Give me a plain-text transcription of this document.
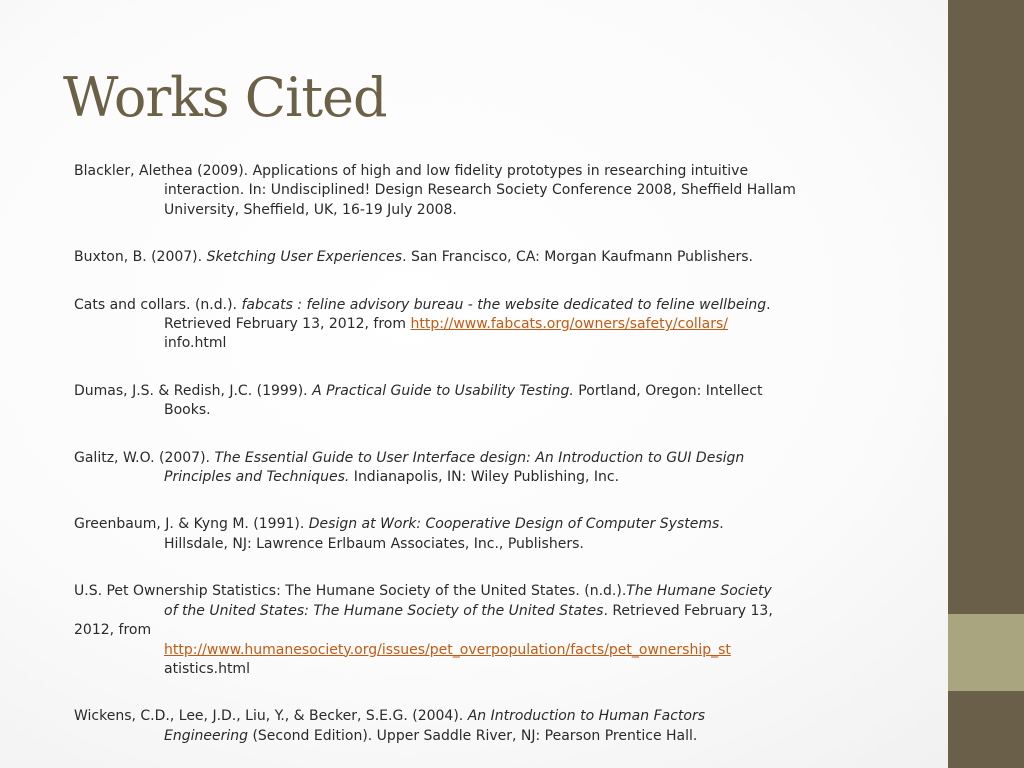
Works Cited

Blackler, Alethea (2009). Applications of high and low fidelity prototypes in researching intuitive
interaction. In: Undisciplined! Design Research Society Conference 2008, Sheffield Hallam
University, Sheffield, UK, 16-19 July 2008.

Buxton, B. (2007). Sketching User Experiences. San Francisco, CA: Morgan Kaufmann Publishers.

Cats and collars. (n.d.). fabcats : feline advisory bureau - the website dedicated to feline wellbeing.
Retrieved February 13, 2012, from http://www.fabcats.org/owners/safety/collars/
info.html

Dumas, J.S. & Redish, J.C. (1999). A Practical Guide to Usability Testing. Portland, Oregon: Intellect
Books.

Galitz, W.O. (2007). The Essential Guide to User Interface design: An Introduction to GUI Design
Principles and Techniques. Indianapolis, IN: Wiley Publishing, Inc.

Greenbaum, J. & Kyng M. (1991). Design at Work: Cooperative Design of Computer Systems.
Hillsdale, NJ: Lawrence Erlbaum Associates, Inc., Publishers.

U.S. Pet Ownership Statistics: The Humane Society of the United States. (n.d.).The Humane Society
of the United States: The Humane Society of the United States. Retrieved February 13,
2012, from
http://www.humanesociety.org/issues/pet_overpopulation/facts/pet_ownership_st
atistics.html

Wickens, C.D., Lee, J.D., Liu, Y., & Becker, S.E.G. (2004). An Introduction to Human Factors
Engineering (Second Edition). Upper Saddle River, NJ: Pearson Prentice Hall.
